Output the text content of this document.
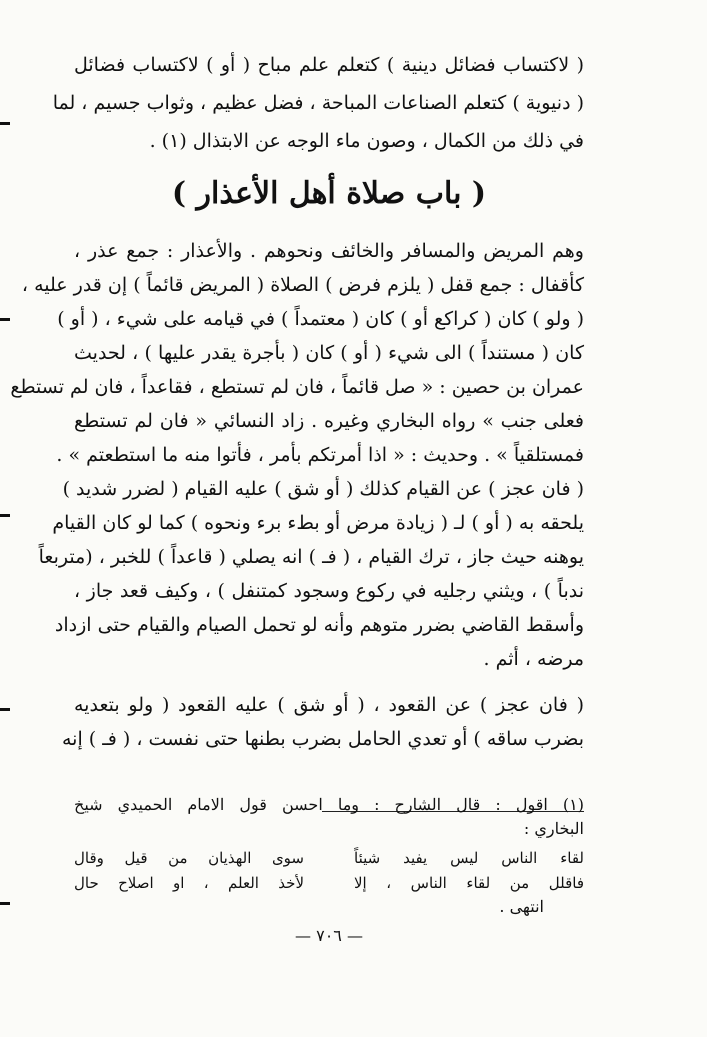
( لاكتساب فضائل دينية ) كتعلم علم مباح ( أو ) لاكتساب فضائل
( دنيوية ) كتعلم الصناعات المباحة ، فضل عظيم ، وثواب جسيم ، لما
في ذلك من الكمال ، وصون ماء الوجه عن الابتذال (١) .
( باب صلاة أهل الأعذار )
وهم المريض والمسافر والخائف ونحوهم . والأعذار : جمع عذر ،
كأقفال : جمع قفل ( يلزم فرض ) الصلاة ( المريض قائماً ) إن قدر عليه ،
( ولو ) كان ( كراكع أو ) كان ( معتمداً ) في قيامه على شيء ، ( أو )
كان ( مستنداً ) الى شيء ( أو ) كان ( بأجرة يقدر عليها ) ، لحديث
عمران بن حصين : « صل قائماً ، فان لم تستطع ، فقاعداً ، فان لم تستطع
فعلى جنب » رواه البخاري وغيره . زاد النسائي « فان لم تستطع
فمستلقياً » . وحديث : « اذا أمرتكم بأمر ، فأتوا منه ما استطعتم » .
( فان عجز ) عن القيام كذلك ( أو شق ) عليه القيام ( لضرر شديد )
يلحقه به ( أو ) لـ ( زيادة مرض أو بطء برء ونحوه ) كما لو كان القيام
يوهنه حيث جاز ، ترك القيام ، ( فـ ) انه يصلي ( قاعداً ) للخبر ، (متربعاً
ندباً ) ، ويثني رجليه في ركوع وسجود كمتنفل ) ، وكيف قعد جاز ،
وأسقط القاضي بضرر متوهم وأنه لو تحمل الصيام والقيام حتى ازداد
مرضه ، أثم .
( فان عجز ) عن القعود ، ( أو شق ) عليه القعود ( ولو بتعديه
بضرب ساقه ) أو تعدي الحامل بضرب بطنها حتى نفست ، ( فـ ) إنه
(١) اقول : قال الشارح : وما احسن قول الامام الحميدي شيخ
البخاري :
لقاء الناس ليس يفيد شيئاً
سوى الهذيان من قيل وقال
فاقلل من لقاء الناس ، إلا
لأخذ العلم ، او اصلاح حال
انتهى .
— ٧٠٦ —
